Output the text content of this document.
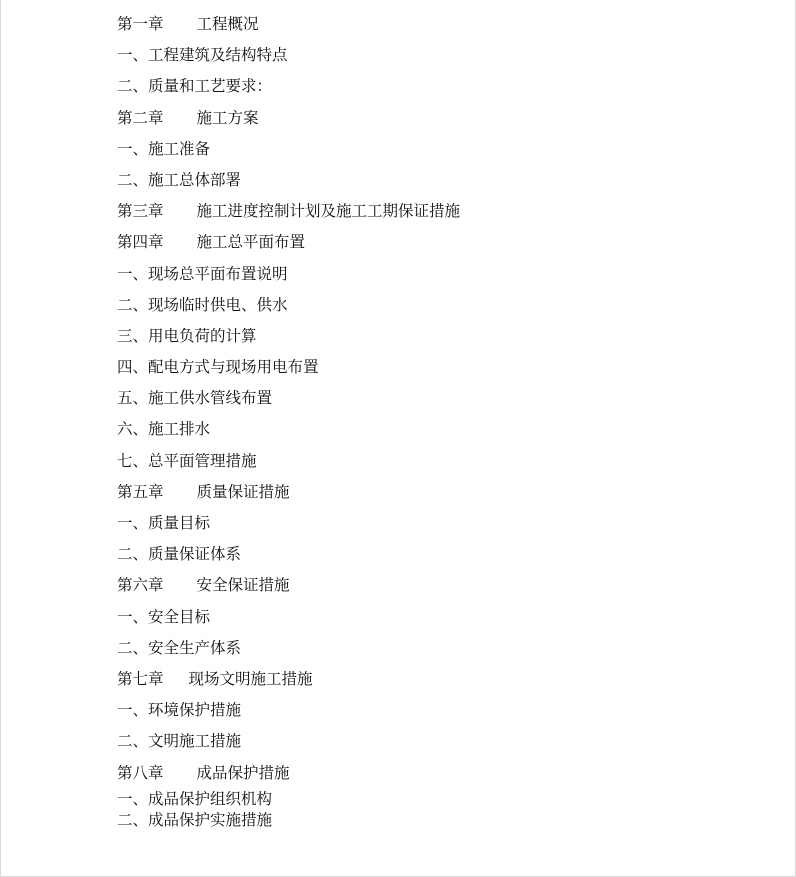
第一章 工程概况
一、工程建筑及结构特点
二、质量和工艺要求：
第二章 施工方案
一、施工准备
二、施工总体部署
第三章 施工进度控制计划及施工工期保证措施
第四章 施工总平面布置
一、现场总平面布置说明
二、现场临时供电、供水
三、用电负荷的计算
四、配电方式与现场用电布置
五、施工供水管线布置
六、施工排水
七、总平面管理措施
第五章 质量保证措施
一、质量目标
二、质量保证体系
第六章 安全保证措施
一、安全目标
二、安全生产体系
第七章 现场文明施工措施
一、环境保护措施
二、文明施工措施
第八章 成品保护措施
一、成品保护组织机构
二、成品保护实施措施
